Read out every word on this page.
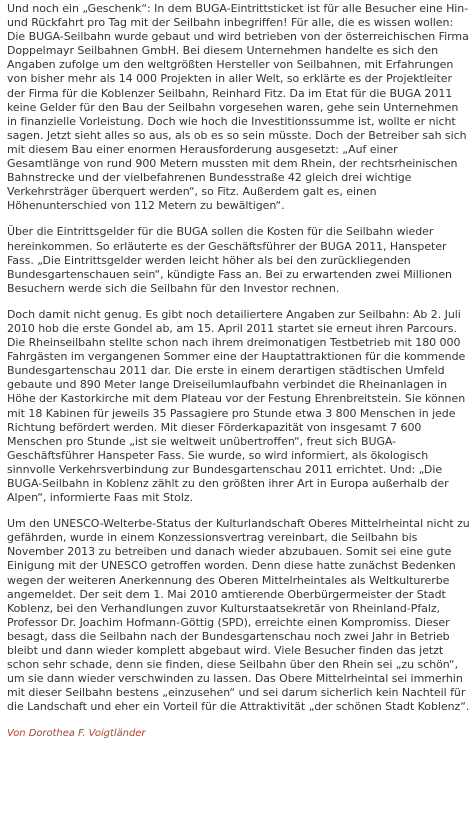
Und noch ein „Geschenk“: In dem BUGA-Eintrittsticket ist für alle Besucher eine Hin- und Rückfahrt pro Tag mit der Seilbahn inbegriffen! Für alle, die es wissen wollen: Die BUGA-Seilbahn wurde gebaut und wird betrieben von der österreichischen Firma Doppelmayr Seilbahnen GmbH. Bei diesem Unternehmen handelte es sich den Angaben zufolge um den weltgrößten Hersteller von Seilbahnen, mit Erfahrungen von bisher mehr als 14 000 Projekten in aller Welt, so erklärte es der Projektleiter der Firma für die Koblenzer Seilbahn, Reinhard Fitz. Da im Etat für die BUGA 2011 keine Gelder für den Bau der Seilbahn vorgesehen waren, gehe sein Unternehmen in finanzielle Vorleistung. Doch wie hoch die Investitionssumme ist, wollte er nicht sagen. Jetzt sieht alles so aus, als ob es so sein müsste. Doch der Betreiber sah sich mit diesem Bau einer enormen Herausforderung ausgesetzt: „Auf einer Gesamtlänge von rund 900 Metern mussten mit dem Rhein, der rechtsrheinischen Bahnstrecke und der vielbefahrenen Bundesstraße 42 gleich drei wichtige Verkehrsträger überquert werden“, so Fitz. Außerdem galt es, einen Höhenunterschied von 112 Metern zu bewältigen“.

Über die Eintrittsgelder für die BUGA sollen die Kosten für die Seilbahn wieder hereinkommen. So erläuterte es der Geschäftsführer der BUGA 2011, Hanspeter Fass. „Die Eintrittsgelder werden leicht höher als bei den zurückliegenden Bundesgartenschauen sein“, kündigte Fass an. Bei zu erwartenden zwei Millionen Besuchern werde sich die Seilbahn für den Investor rechnen.

Doch damit nicht genug. Es gibt noch detailiertere Angaben zur Seilbahn: Ab 2. Juli 2010 hob die erste Gondel ab, am 15. April 2011 startet sie erneut ihren Parcours. Die Rheinseilbahn stellte schon nach ihrem dreimonatigen Testbetrieb mit 180 000 Fahrgästen im vergangenen Sommer eine der Hauptattraktionen für die kommende Bundesgartenschau 2011 dar. Die erste in einem derartigen städtischen Umfeld gebaute und 890 Meter lange Dreiseilumlaufbahn verbindet die Rheinanlagen in Höhe der Kastorkirche mit dem Plateau vor der Festung Ehrenbreitstein. Sie können mit 18 Kabinen für jeweils 35 Passagiere pro Stunde etwa 3 800 Menschen in jede Richtung befördert werden. Mit dieser Förderkapazität von insgesamt 7 600 Menschen pro Stunde „ist sie weltweit unübertroffen“, freut sich BUGA-Geschäftsführer Hanspeter Fass. Sie wurde, so wird informiert, als ökologisch sinnvolle Verkehrsverbindung zur Bundesgartenschau 2011 errichtet. Und: „Die BUGA-Seilbahn in Koblenz zählt zu den größten ihrer Art in Europa außerhalb der Alpen“, informierte Faas mit Stolz.

Um den UNESCO-Welterbe-Status der Kulturlandschaft Oberes Mittelrheintal nicht zu gefährden, wurde in einem Konzessionsvertrag vereinbart, die Seilbahn bis November 2013 zu betreiben und danach wieder abzubauen. Somit sei eine gute Einigung mit der UNESCO getroffen worden. Denn diese hatte zunächst Bedenken wegen der weiteren Anerkennung des Oberen Mittelrheintales als Weltkulturerbe angemeldet. Der seit dem 1. Mai 2010 amtierende Oberbürgermeister der Stadt Koblenz, bei den Verhandlungen zuvor Kulturstaatsekretär von Rheinland-Pfalz, Professor Dr. Joachim Hofmann-Göttig (SPD), erreichte einen Kompromiss. Dieser besagt, dass die Seilbahn nach der Bundesgartenschau noch zwei Jahr in Betrieb bleibt und dann wieder komplett abgebaut wird. Viele Besucher finden das jetzt schon sehr schade, denn sie finden, diese Seilbahn über den Rhein sei „zu schön“, um sie dann wieder verschwinden zu lassen. Das Obere Mittelrheintal sei immerhin mit dieser Seilbahn bestens „einzusehen“ und sei darum sicherlich kein Nachteil für die Landschaft und eher ein Vorteil für die Attraktivität „der schönen Stadt Koblenz“.

Von Dorothea F. Voigtländer
